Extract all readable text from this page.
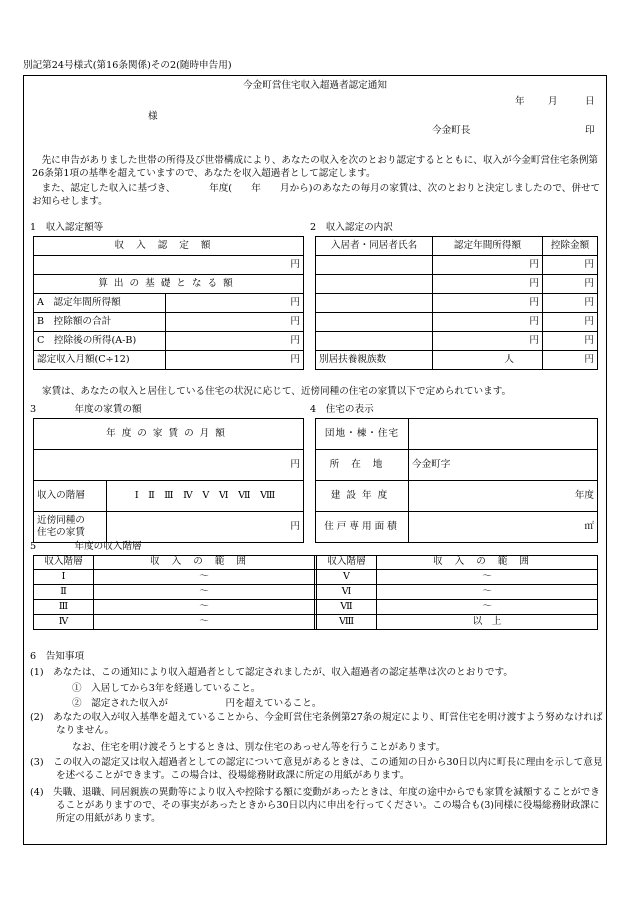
別記第24号様式(第16条関係)その2(随時申告用)
今金町営住宅収入超過者認定通知
年 月	日
様
今金町長	印
先に申告がありました世帯の所得及び世帯構成により、あなたの収入を次のとおり認定するとともに、収入が今金町営住宅条例第26条第1項の基準を超えていますので、あなたを収入超過者として認定します。
また、認定した収入に基づき、　　　　年度(　　年　　月から)のあなたの毎月の家賃は、次のとおりと決定しましたので、併せてお知らせします。
1　収入認定額等
収入認定額	
円	
算出の基礎となる額	
A　認定年間所得額	円
B　控除額の合計	円
C　控除後の所得(A-B)	円
認定収入月額(C÷12)	円
2　収入認定の内訳
入居者・同居者氏名	認定年間所得額	控除金額
	円	円
	円	円
	円	円
	円	円
	円	円
別居扶養親族数	人	円
家賃は、あなたの収入と居住している住宅の状況に応じて、近傍同種の住宅の家賃以下で定められています。
3　　　　年度の家賃の額
年度の家賃の月額	
円	
収入の階層	Ⅰ　Ⅱ　Ⅲ　Ⅳ　Ⅴ　Ⅵ　Ⅶ　Ⅷ

近傍同種の
住宅の家賃	円
4　住宅の表示
団地・棟・住宅	
所在地	今金町字
建設年度	年度
住戸専用面積	㎡
5　　　　年度の収入階層
収入階層	収入の範囲		収入階層	収入の範囲
Ⅰ	～		Ⅴ	～
Ⅱ	～		Ⅵ	～
Ⅲ	～		Ⅶ	～
Ⅳ	～		Ⅷ	以　上
6　告知事項
(1)　あなたは、この通知により収入超過者として認定されましたが、収入超過者の認定基準は次のとおりです。
①　入居してから3年を経過していること。
②　認定された収入が　　　　　　円を超えていること。
(2)　あなたの収入が収入基準を超えていることから、今金町営住宅条例第27条の規定により、町営住宅を明け渡すよう努めなければなりません。
なお、住宅を明け渡そうとするときは、別な住宅のあっせん等を行うことがあります。
(3)　この収入の認定又は収入超過者としての認定について意見があるときは、この通知の日から30日以内に町長に理由を示して意見を述べることができます。この場合は、役場総務財政課に所定の用紙があります。
(4)　失職、退職、同居親族の異動等により収入や控除する額に変動があったときは、年度の途中からでも家賃を減額することができることがありますので、その事実があったときから30日以内に申出を行ってください。この場合も(3)同様に役場総務財政課に所定の用紙があります。
